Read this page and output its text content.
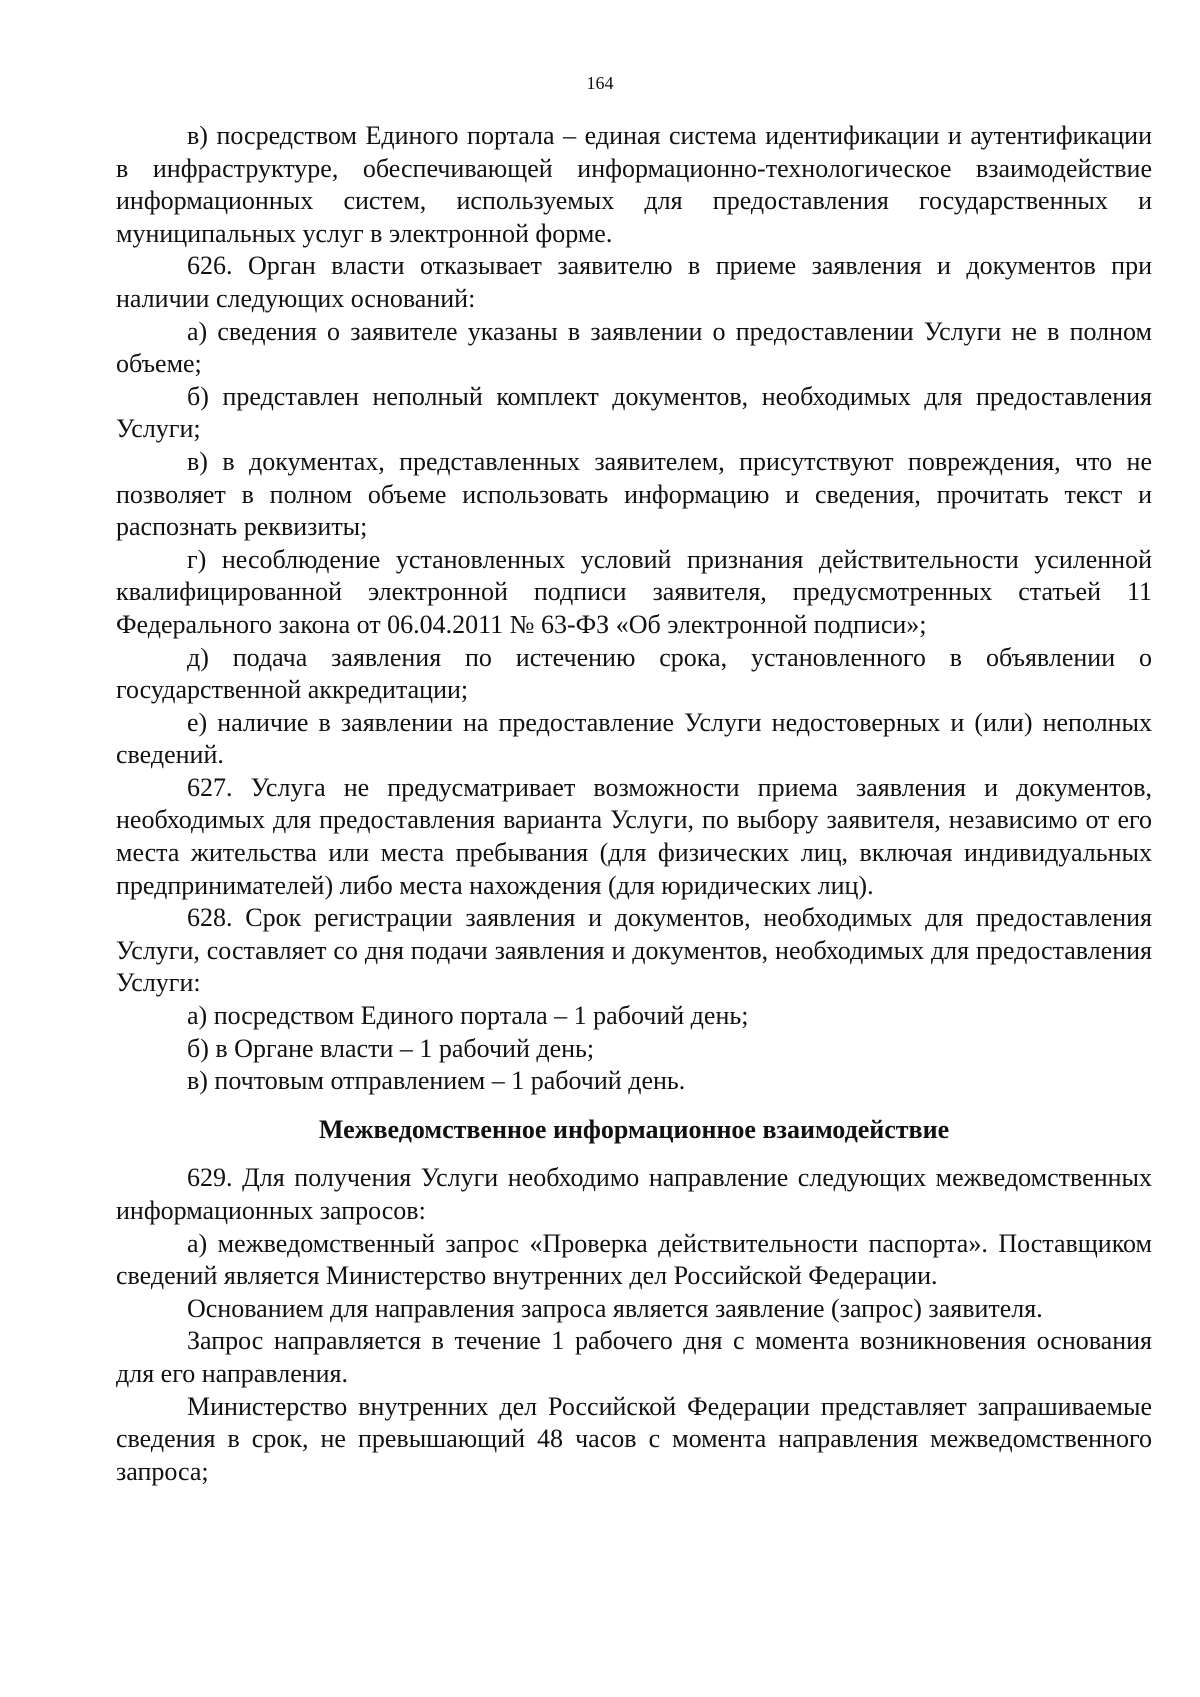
164

в) посредством Единого портала – единая система идентификации и аутентификации в инфраструктуре, обеспечивающей информационно-технологическое взаимодействие информационных систем, используемых для предоставления государственных и муниципальных услуг в электронной форме.

626. Орган власти отказывает заявителю в приеме заявления и документов при наличии следующих оснований:

а) сведения о заявителе указаны в заявлении о предоставлении Услуги не в полном объеме;

б) представлен неполный комплект документов, необходимых для предоставления Услуги;

в) в документах, представленных заявителем, присутствуют повреждения, что не позволяет в полном объеме использовать информацию и сведения, прочитать текст и распознать реквизиты;

г) несоблюдение установленных условий признания действительности усиленной квалифицированной электронной подписи заявителя, предусмотренных статьей 11 Федерального закона от 06.04.2011 № 63-ФЗ «Об электронной подписи»;

д) подача заявления по истечению срока, установленного в объявлении о государственной аккредитации;

е) наличие в заявлении на предоставление Услуги недостоверных и (или) неполных сведений.

627. Услуга не предусматривает возможности приема заявления и документов, необходимых для предоставления варианта Услуги, по выбору заявителя, независимо от его места жительства или места пребывания (для физических лиц, включая индивидуальных предпринимателей) либо места нахождения (для юридических лиц).

628. Срок регистрации заявления и документов, необходимых для предоставления Услуги, составляет со дня подачи заявления и документов, необходимых для предоставления Услуги:

а) посредством Единого портала – 1 рабочий день;

б) в Органе власти – 1 рабочий день;

в) почтовым отправлением – 1 рабочий день.

Межведомственное информационное взаимодействие

629. Для получения Услуги необходимо направление следующих межведомственных информационных запросов:

а) межведомственный запрос «Проверка действительности паспорта». Поставщиком сведений является Министерство внутренних дел Российской Федерации.

Основанием для направления запроса является заявление (запрос) заявителя.

Запрос направляется в течение 1 рабочего дня с момента возникновения основания для его направления.

Министерство внутренних дел Российской Федерации представляет запрашиваемые сведения в срок, не превышающий 48 часов с момента направления межведомственного запроса;
